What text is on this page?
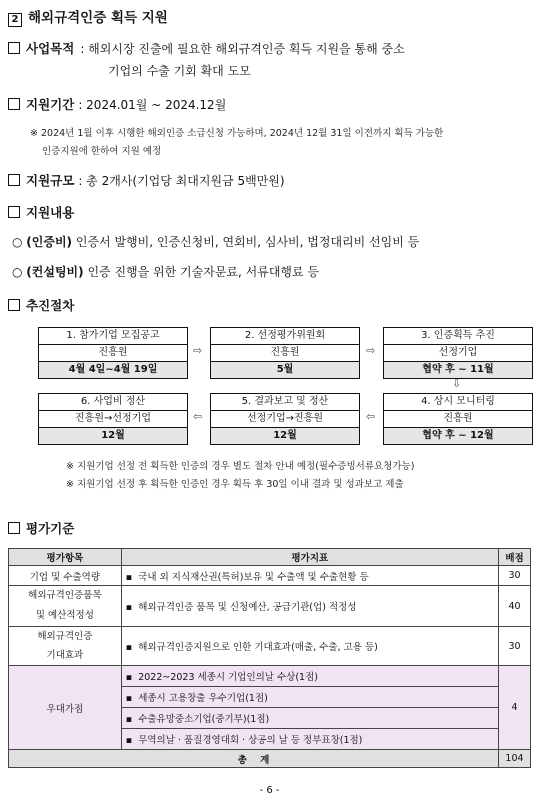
2 해외규격인증 획득 지원
사업목적 : 해외시장 진출에 필요한 해외규격인증 획득 지원을 통해 중소
기업의 수출 기회 확대 도모
지원기간 : 2024.01월 ~ 2024.12월
※ 2024년 1월 이후 시행한 해외인증 소급신청 가능하며, 2024년 12월 31일 이전까지 획득 가능한
인증지원에 한하여 지원 예정
지원규모 : 총 2개사(기업당 최대지원금 5백만원)
지원내용
○ (인증비) 인증서 발행비, 인증신청비, 연회비, 심사비, 법정대리비 선임비 등
○ (컨설팅비) 인증 진행을 위한 기술자문료, 서류대행료 등
추진절차
1. 참가기업 모집공고
진흥원
4월 4일~4월 19일
⇨
2. 선정평가위원회
진흥원
5월
⇨
3. 인증획득 추진
선정기업
협약 후 ~ 11월
⇩
6. 사업비 정산
진흥원→선정기업
12월
⇦
5. 결과보고 및 정산
선정기업→진흥원
12월
⇦
4. 상시 모니터링
진흥원
협약 후 ~ 12월
※ 지원기업 선정 전 획득한 인증의 경우 별도 절차 안내 예정(필수증빙서류요청가능)
※ 지원기업 선정 후 획득한 인증인 경우 획득 후 30일 이내 결과 및 성과보고 제출
평가기준
평가항목	평가지표	배점
기업 및 수출역량	▪ 국내 외 지식재산권(특허)보유 및 수출액 및 수출현황 등	30
해외규격인증품목
및 예산적정성	▪ 해외규격인증 품목 및 신청예산, 공급기관(업) 적정성	40
해외규격인증
기대효과	▪ 해외규격인증지원으로 인한 기대효과(매출, 수출, 고용 등)	30
우대가점	▪ 2022~2023 세종시 기업인의날 수상(1점)	4
	▪ 세종시 고용창출 우수기업(1점)
	▪ 수출유망중소기업(중기부)(1점)
	▪ 무역의날 · 품질경영대회 · 상공의 날 등 정부표창(1점)
총    계		104
- 6 -
